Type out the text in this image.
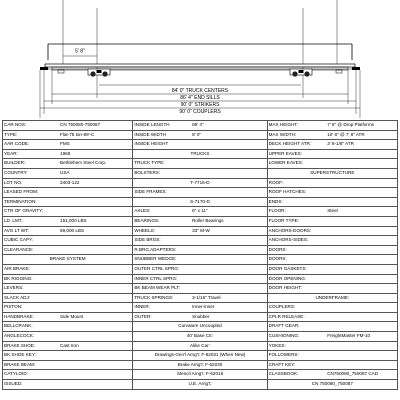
5' 8"
84' 0" TRUCK CENTERS
86' 4" END SILLS
90' 0" STRIKERS
90' 0" COUPLERS
CAR NOS: CN 750080-750087	INSIDE LENGTH 89' 4"	MAX HEIGHT: 7' 6" @ Drop Platforms
TYPE: Flat-75 ton-89'-C	INSIDE WIDTH 8' 0"	MAX WIDTH: 10' 8" @ 7' 8" ATR
AAR CODE: FMS	INSIDE HEIGHT	DECK HEIGHT ATR: 3' 8-1/8" ATR
YEAR: 1969	TRUCKS	UPPER EAVES:
BUILDER: Bethlehem Steel Corp.	TRUCK TYPE:	LOWER EAVES:
COUNTRY: USA	BOLSTERS:	SUPERSTRUCTURE
LOT NO. 3403-122	T-7715-D	ROOF:
LEASED FROM:	SIDE FRAMES:	ROOF HATCHES:
TERMINATION:	S-7170-D	ENDS:
CTR OF GRAVITY:	AXLES: 6" x 11"	FLOOR: Steel
LD. LMT.: 151,000 LBS	BEARINGS: Roller Bearings	FLOOR TYPE:
AVG LT WT: 69,000 LBS	WHEELS: 33" M-W	ANCHORS-DOORS:
CUBIC CAPY:	SIDE BRGS:	ANCHORS-SIDES:
CLEARANCE:	R.BRG.ADAPTERS:	DOORS:
BRAKE SYSTEM	SNUBBER WEDGE:	DOORS:
AIR BRAKE:	OUTER CTRL SPRG:	DOOR GASKETS:
BK RIGGING:	INNER CTRL SPRG:	DOOR OPENING:
LEVERS:	BK BEAM WEAR PLT:	DOOR HEIGHT:
SLACK ADJ:	TRUCK SPRINGS: 3-1/16" Travel	UNDERFRAME:
PISTON:	INNER: Inner-inner	COUPLERS:
HANDBRAKE: Side Mount	OUTER: Snubber	CPLR RELEASE:
BELLCRANK:	Curvature Uncoupled	DRAFT GEAR:
ANGLECOCK:	40' Base Ctr:	CUSHIONING: FreightMaster FM-10
BRAKE SHOE: Cast Iron	Alike Car:	YOKES:
BK SHOE KEY:	Drawings-Gen'l Arng't: F-62031 (When New)	FOLLOWERS:
BRAKE BEAM:	Brake Arng't: F-62030	CRAFT KEY:
CATYLOID:	Stencil Arng't: F-62019	CLASSBOOK: CN750080_750087 CAD
ISSUED:	U.E. Arng't:	CN 750080_750087
